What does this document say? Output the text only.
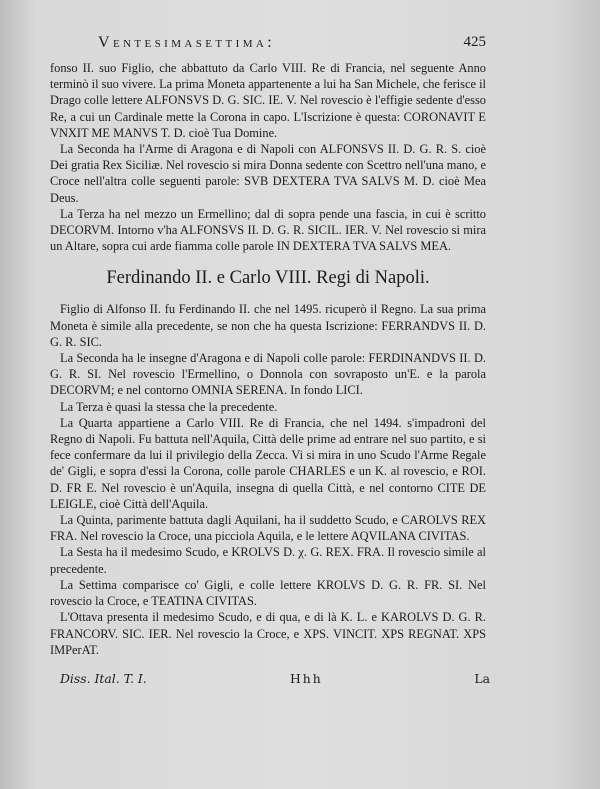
Ventesimasettima:	425

fonso II. suo Figlio, che abbattuto da Carlo VIII. Re di Francia, nel seguente Anno terminò il suo vivere. La prima Moneta appartenente a lui ha San Michele, che ferisce il Drago colle lettere ALFONSVS D. G. SIC. IE. V. Nel rovescio è l'effigie sedente d'esso Re, a cui un Cardinale mette la Corona in capo. L'Iscrizione è questa: CORONAVIT E VNXIT ME MANVS T. D. cioè Tua Domine.

La Seconda ha l'Arme di Aragona e di Napoli con ALFONSVS II. D. G. R. S. cioè Dei gratia Rex Siciliæ. Nel rovescio si mira Donna sedente con Scettro nell'una mano, e Croce nell'altra colle seguenti parole: SVB DEXTERA TVA SALVS M. D. cioè Mea Deus.

La Terza ha nel mezzo un Ermellino; dal di sopra pende una fascia, in cui è scritto DECORVM. Intorno v'ha ALFONSVS II. D. G. R. SICIL. IER. V. Nel rovescio si mira un Altare, sopra cui arde fiamma colle parole IN DEXTERA TVA SALVS MEA.

Ferdinando II. e Carlo VIII. Regi di Napoli.

Figlio di Alfonso II. fu Ferdinando II. che nel 1495. ricuperò il Regno. La sua prima Moneta è simile alla precedente, se non che ha questa Iscrizione: FERRANDVS II. D. G. R. SIC.

La Seconda ha le insegne d'Aragona e di Napoli colle parole: FERDINANDVS II. D. G. R. SI. Nel rovescio l'Ermellino, o Donnola con sovraposto un'E. e la parola DECORVM; e nel contorno OMNIA SERENA. In fondo LICI.

La Terza è quasi la stessa che la precedente.

La Quarta appartiene a Carlo VIII. Re di Francia, che nel 1494. s'impadronì del Regno di Napoli. Fu battuta nell'Aquila, Città delle prime ad entrare nel suo partito, e si fece confermare da lui il privilegio della Zecca. Vi si mira in uno Scudo l'Arme Regale de' Gigli, e sopra d'essi la Corona, colle parole CHARLES e un K. al rovescio, e ROI. D. FR E. Nel rovescio è un'Aquila, insegna di quella Città, e nel contorno CITE DE LEIGLE, cioè Città dell'Aquila.

La Quinta, parimente battuta dagli Aquilani, ha il suddetto Scudo, e CAROLVS REX FRA. Nel rovescio la Croce, una picciola Aquila, e le lettere AQVILANA CIVITAS.

La Sesta ha il medesimo Scudo, e KROLVS D. χ. G. REX. FRA. Il rovescio simile al precedente.

La Settima comparisce co' Gigli, e colle lettere KROLVS D. G. R. FR. SI. Nel rovescio la Croce, e TEATINA CIVITAS.

L'Ottava presenta il medesimo Scudo, e di qua, e di là K. L. e KAROLVS D. G. R. FRANCORV. SIC. IER. Nel rovescio la Croce, e XPS. VINCIT. XPS REGNAT. XPS IMPerAT.

Diss. Ital. T. I.	Hhh	La
